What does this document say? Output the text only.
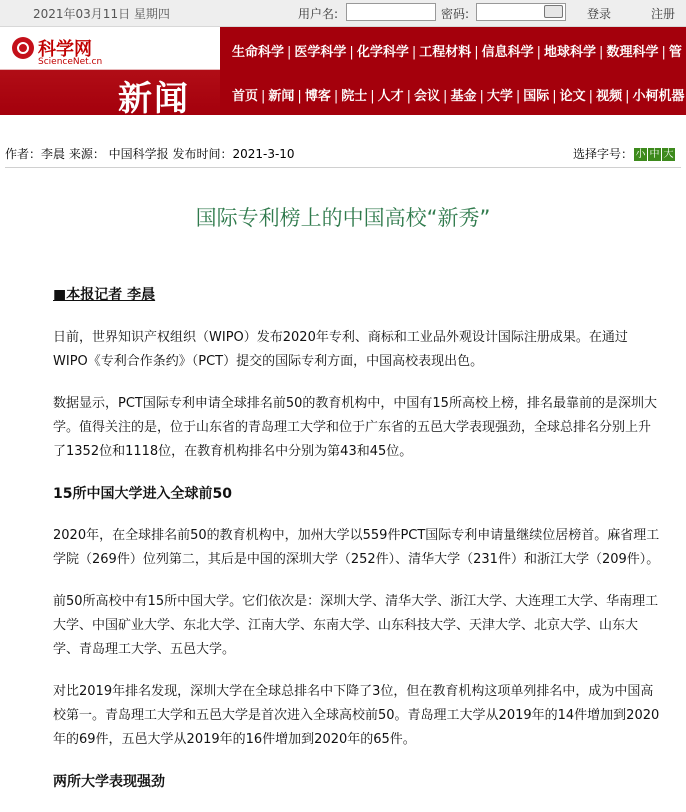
2021年03月11日 星期四	用户名:	密码:	登录	注册
科学网
ScienceNet.cn
新闻
生命科学 | 医学科学 | 化学科学 | 工程材料 | 信息科学 | 地球科学 | 数理科学 | 管
首页 | 新闻 | 博客 | 院士 | 人才 | 会议 | 基金 | 大学 | 国际 | 论文 | 视频 | 小柯机器
作者：李晨 来源： 中国科学报 发布时间：2021-3-10	选择字号： 小 中 大
国际专利榜上的中国高校“新秀”

■本报记者 李晨

日前，世界知识产权组织（WIPO）发布2020年专利、商标和工业品外观设计国际注册成果。在通过WIPO《专利合作条约》（PCT）提交的国际专利方面，中国高校表现出色。

数据显示，PCT国际专利申请全球排名前50的教育机构中，中国有15所高校上榜，排名最靠前的是深圳大学。值得关注的是，位于山东省的青岛理工大学和位于广东省的五邑大学表现强劲，全球总排名分别上升了1352位和1118位，在教育机构排名中分别为第43和45位。

15所中国大学进入全球前50

2020年，在全球排名前50的教育机构中，加州大学以559件PCT国际专利申请量继续位居榜首。麻省理工学院（269件）位列第二，其后是中国的深圳大学（252件）、清华大学（231件）和浙江大学（209件）。

前50所高校中有15所中国大学。它们依次是：深圳大学、清华大学、浙江大学、大连理工大学、华南理工大学、中国矿业大学、东北大学、江南大学、东南大学、山东科技大学、天津大学、北京大学、山东大学、青岛理工大学、五邑大学。

对比2019年排名发现，深圳大学在全球总排名中下降了3位，但在教育机构这项单列排名中，成为中国高校第一。青岛理工大学和五邑大学是首次进入全球高校前50。青岛理工大学从2019年的14件增加到2020年的69件，五邑大学从2019年的16件增加到2020年的65件。

两所大学表现强劲
